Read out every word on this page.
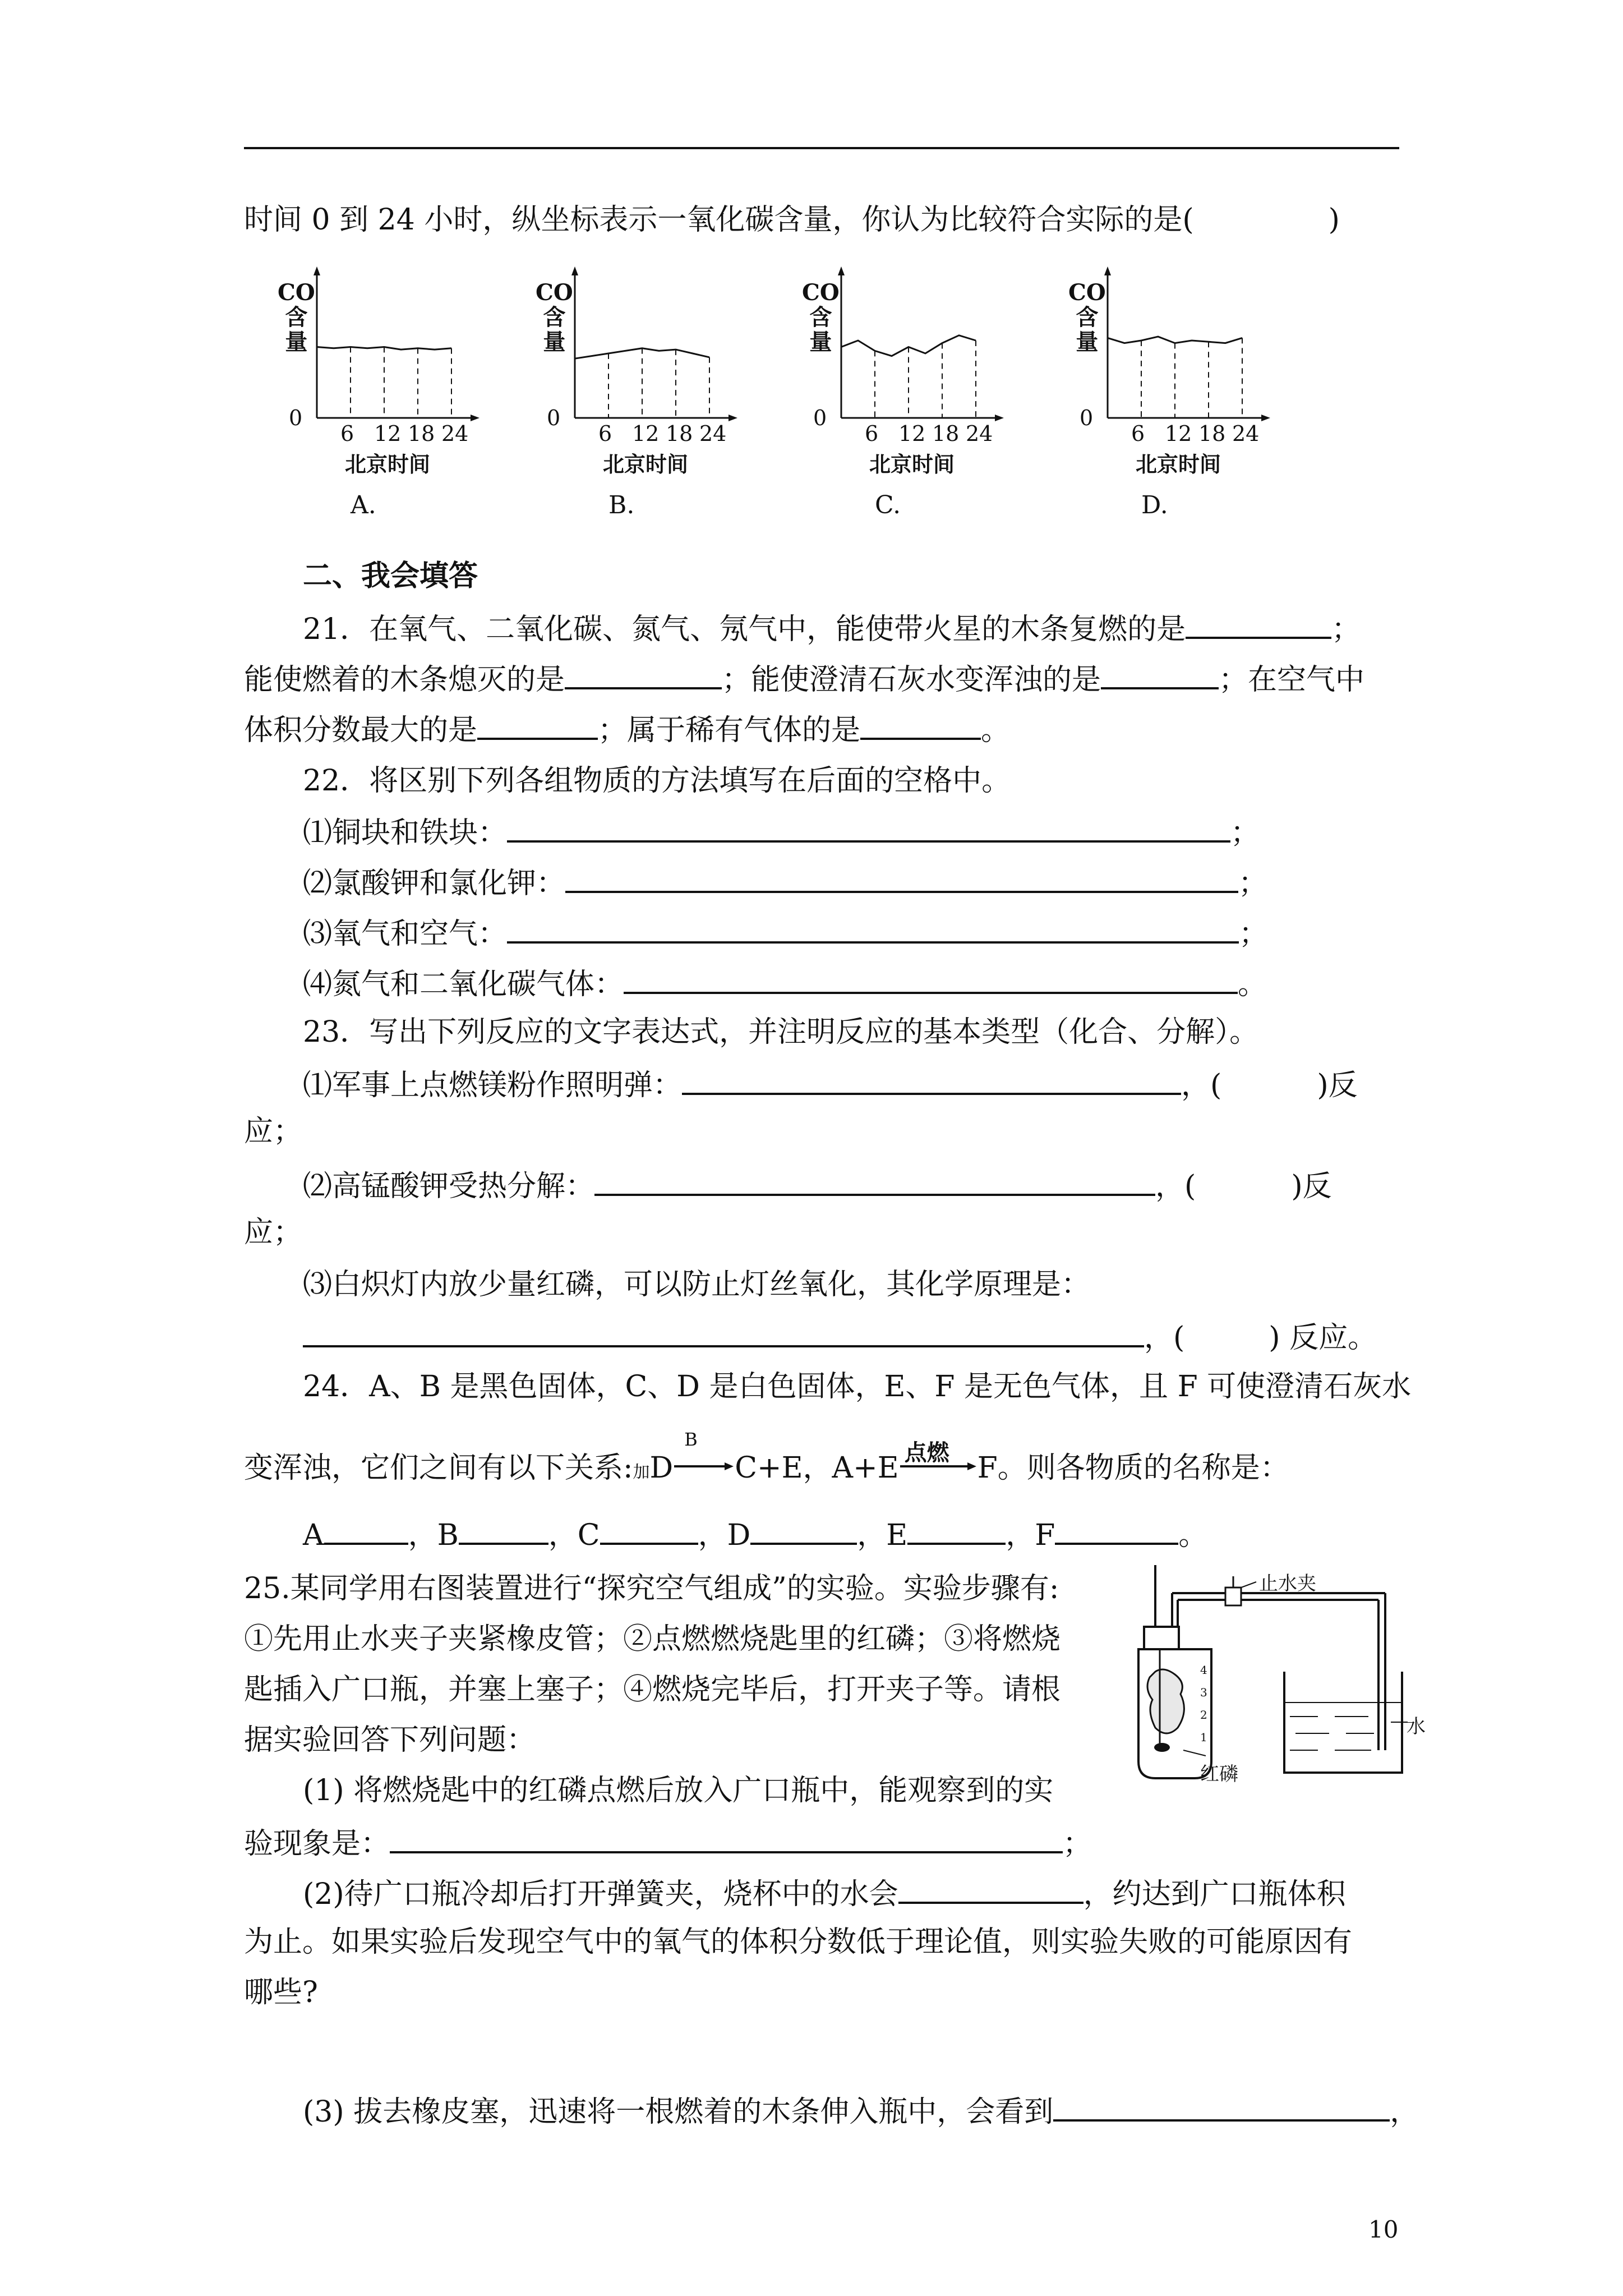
时间 0 到 24 小时，纵坐标表示一氧化碳含量，你认为比较符合实际的是(	)
CO
含
量
0
6 12 18 24
北京时间
A.
CO
含
量
0
6 12 18 24
北京时间
B.
CO
含
量
0
6 12 18 24
北京时间
C.
CO
含
量
0
6 12 18 24
北京时间
D.
二、我会填答
21．在氧气、二氧化碳、氮气、氖气中，能使带火星的木条复燃的是	；
能使燃着的木条熄灭的是	；能使澄清石灰水变浑浊的是	；在空气中
体积分数最大的是	；属于稀有气体的是	。
22．将区别下列各组物质的方法填写在后面的空格中。
⑴铜块和铁块：	；
⑵氯酸钾和氯化钾：	；
⑶氧气和空气：	；
⑷氮气和二氧化碳气体：	。
23．写出下列反应的文字表达式，并注明反应的基本类型（化合、分解）。
⑴军事上点燃镁粉作照明弹：	，(	)反
应；
⑵高锰酸钾受热分解：	，(	)反
应；
⑶白炽灯内放少量红磷，可以防止灯丝氧化，其化学原理是：
，(	) 反应。
24．A、B 是黑色固体，C、D 是白色固体，E、F 是无色气体，且 F 可使澄清石灰水
变浑浊，它们之间有以下关系:加D
B
C+E，A+E 点燃 F。则各物质的名称是：
A	，B	，C	，D	，E	，F	。
25.某同学用右图装置进行“探究空气组成”的实验。实验步骤有:
①先用止水夹子夹紧橡皮管；②点燃燃烧匙里的红磷；③将燃烧
匙插入广口瓶，并塞上塞子；④燃烧完毕后，打开夹子等。请根
据实验回答下列问题：
(1) 将燃烧匙中的红磷点燃后放入广口瓶中，能观察到的实
验现象是：	；
(2)待广口瓶冷却后打开弹簧夹，烧杯中的水会	，约达到广口瓶体积
为止。如果实验后发现空气中的氧气的体积分数低于理论值，则实验失败的可能原因有
哪些?
(3) 拔去橡皮塞，迅速将一根燃着的木条伸入瓶中，会看到	，
止水夹
红磷
水
4
3
2
1
10
